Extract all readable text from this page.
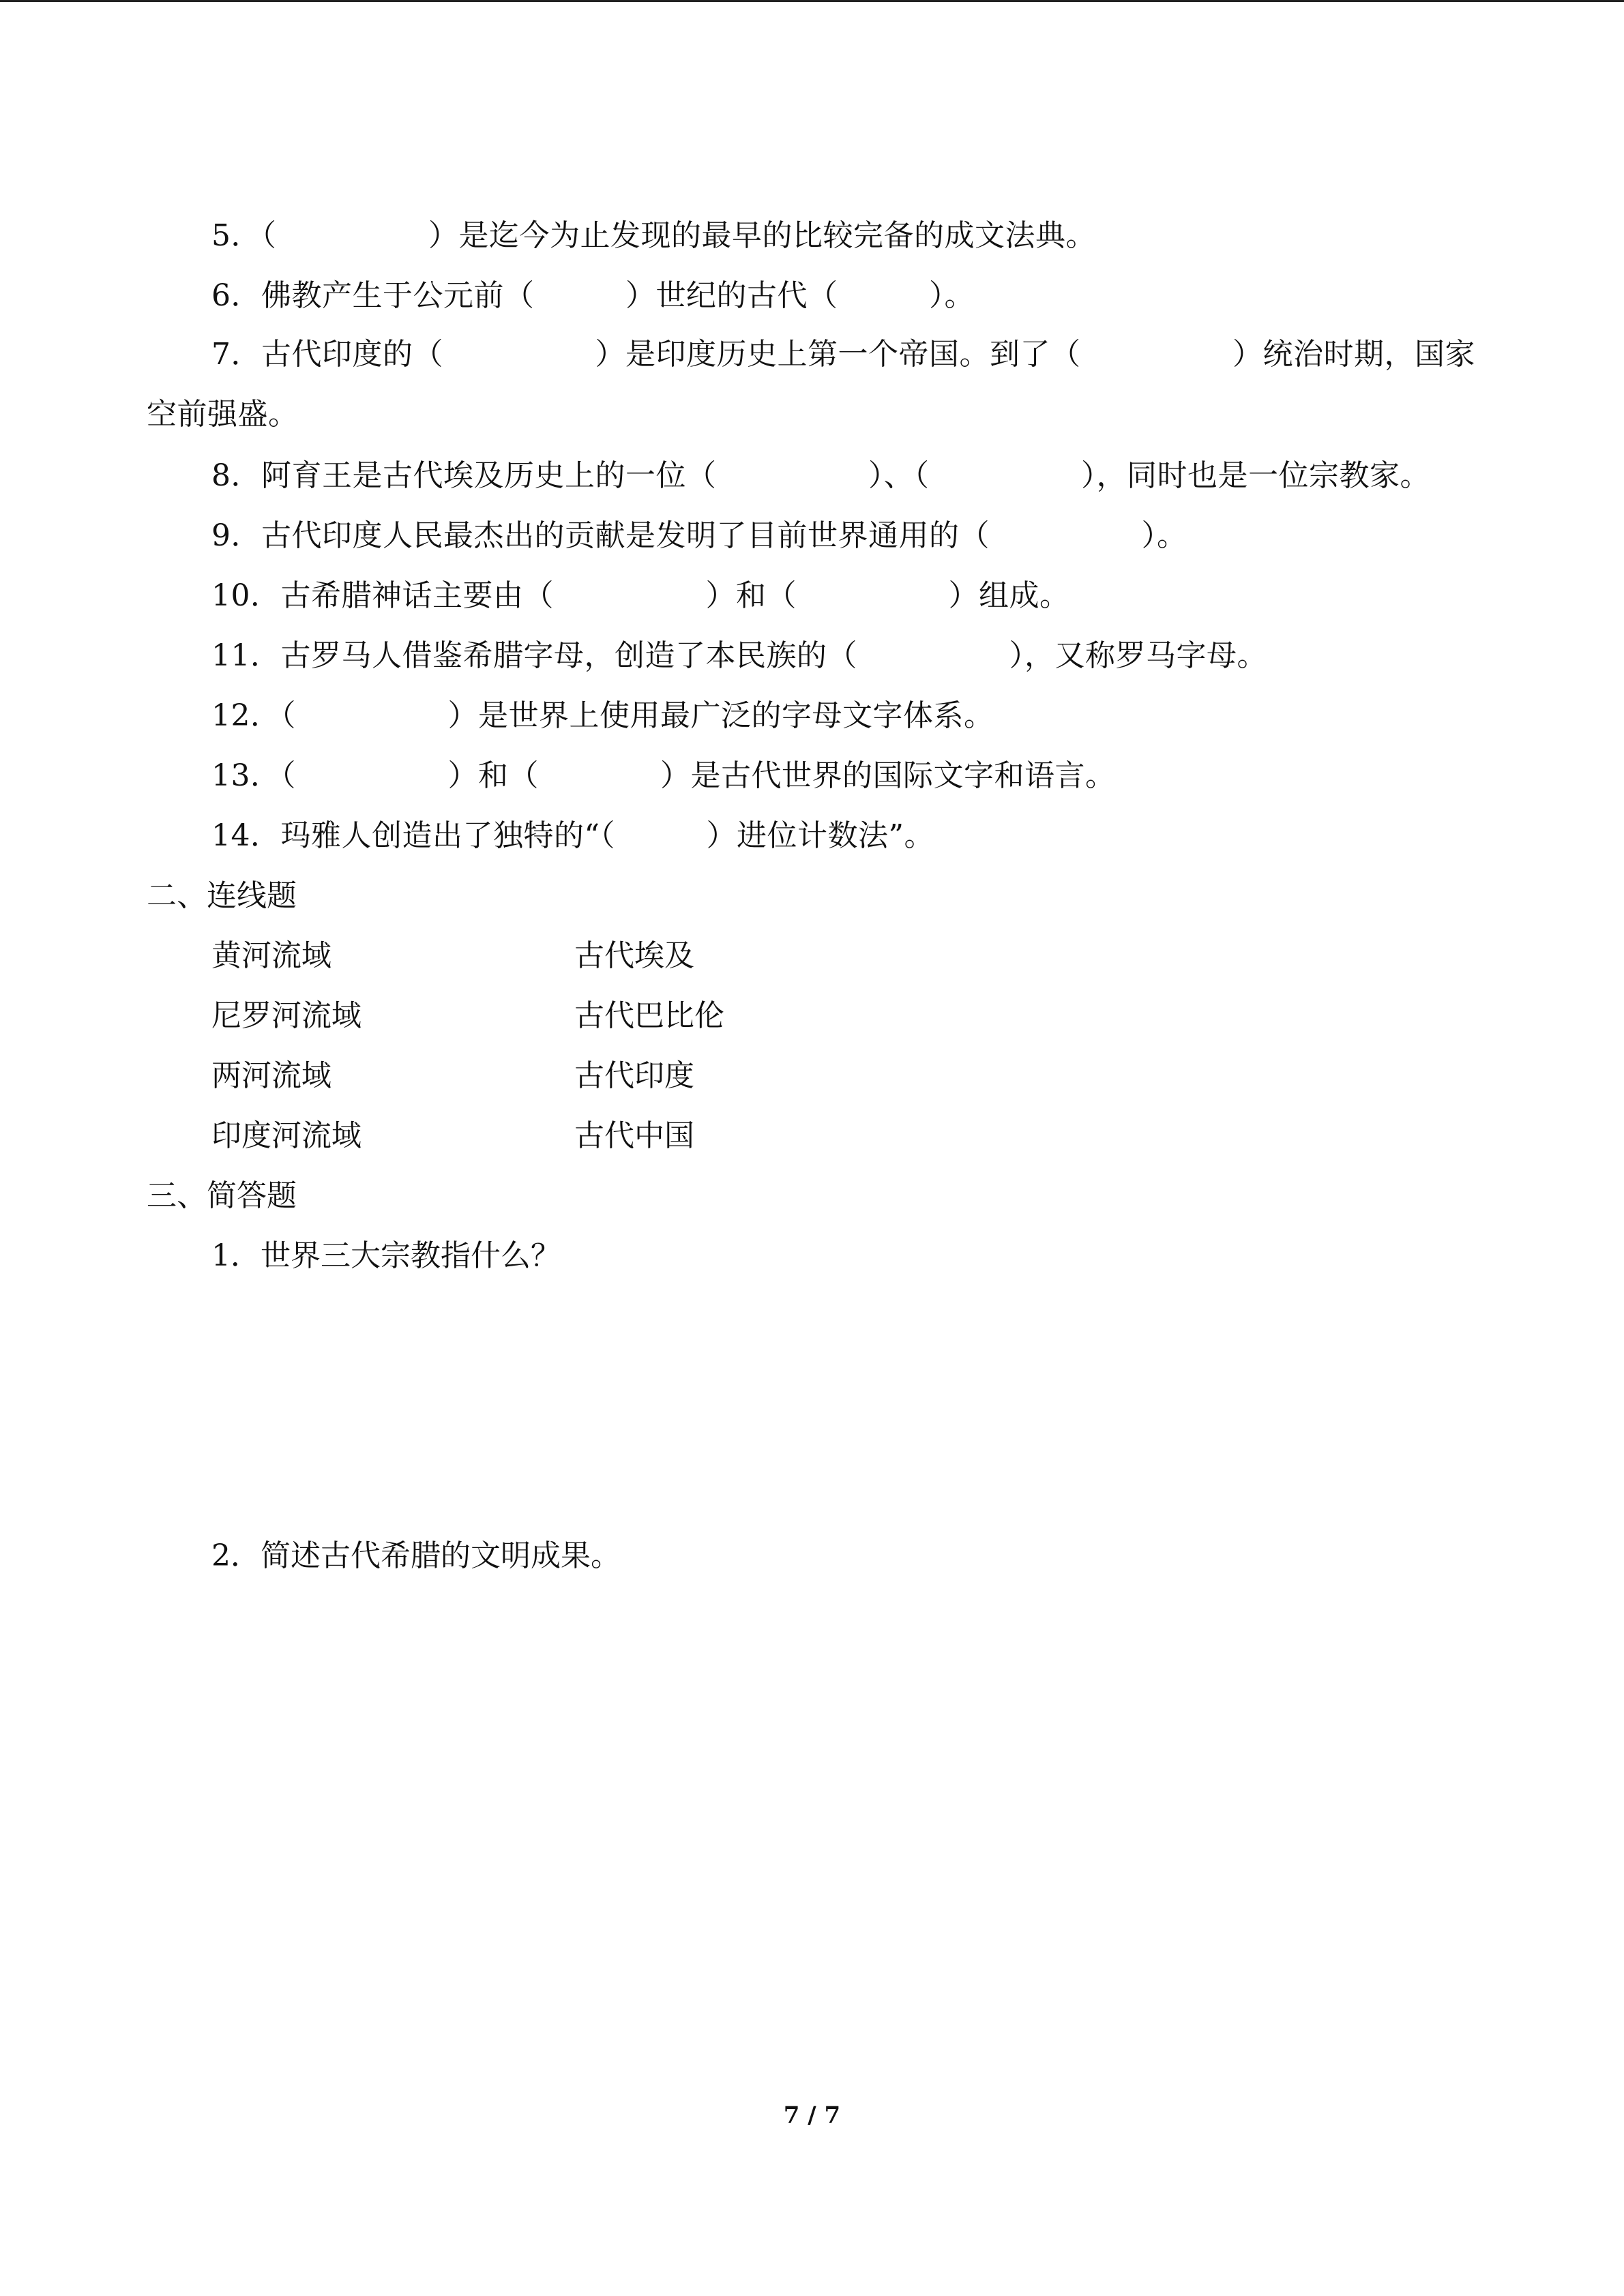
5．（　　　　　）是迄今为止发现的最早的比较完备的成文法典。
6．佛教产生于公元前（　　　）世纪的古代（　　　）。
7．古代印度的（　　　　　）是印度历史上第一个帝国。到了（　　　　　）统治时期，国家空前强盛。
8．阿育王是古代埃及历史上的一位（　　　　　）、（　　　　　），同时也是一位宗教家。
9．古代印度人民最杰出的贡献是发明了目前世界通用的（　　　　　）。
10．古希腊神话主要由（　　　　　）和（　　　　　）组成。
11．古罗马人借鉴希腊字母，创造了本民族的（　　　　　），又称罗马字母。
12．（　　　　　）是世界上使用最广泛的字母文字体系。
13．（　　　　　）和（　　　　）是古代世界的国际文字和语言。
14．玛雅人创造出了独特的“（　　　）进位计数法”。
二、连线题
黄河流域	古代埃及
尼罗河流域	古代巴比伦
两河流域	古代印度
印度河流域	古代中国
三、简答题
1．世界三大宗教指什么？
2．简述古代希腊的文明成果。
7 / 7
